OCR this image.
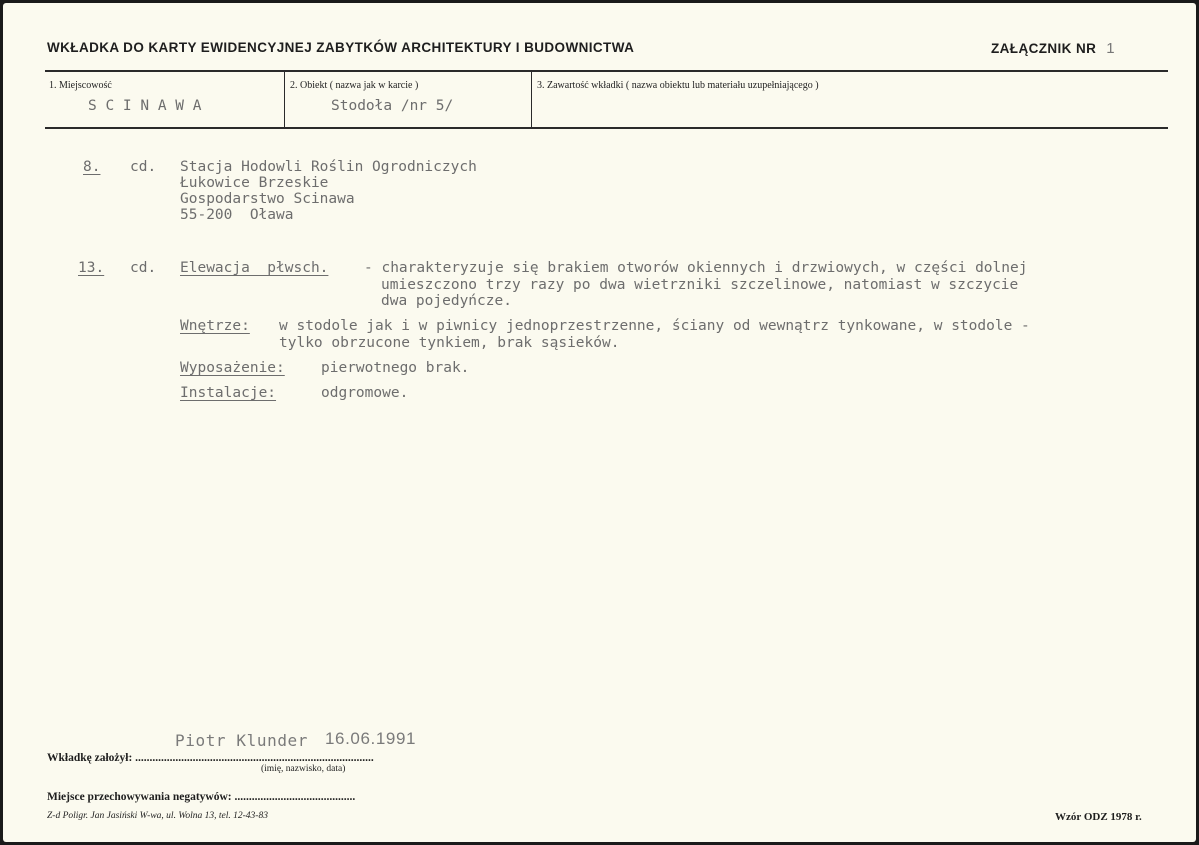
WKŁADKA DO KARTY EWIDENCYJNEJ ZABYTKÓW ARCHITEKTURY I BUDOWNICTWA	ZAŁĄCZNIK NR 1
1. Miejscowość	2. Obiekt ( nazwa jak w karcie )	3. Zawartość wkładki ( nazwa obiektu lub materiału uzupełniającego )
S C I N A W A	Stodoła /nr 5/
8. cd. Stacja Hodowli Roślin Ogrodniczych
Łukowice Brzeskie
Gospodarstwo Scinawa
55-200  Oława
13. cd. Elewacja  płwsch. - charakteryzuje się brakiem otworów okiennych i drzwiowych, w części dolnej
umieszczono trzy razy po dwa wietrzniki szczelinowe, natomiast w szczycie
dwa pojedyńcze.
Wnętrze: w stodole jak i w piwnicy jednoprzestrzenne, ściany od wewnątrz tynkowane, w stodole -
tylko obrzucone tynkiem, brak sąsieków.
Wyposażenie: pierwotnego brak.
Instalacje:	odgromowe.
Piotr Klunder 16.06.1991
Wkładkę założył: ...................................................................................
(imię, nazwisko, data)
Miejsce przechowywania negatywów: ..........................................
Z-d Poligr. Jan Jasiński W-wa, ul. Wolna 13, tel. 12-43-83	Wzór ODZ 1978 r.
